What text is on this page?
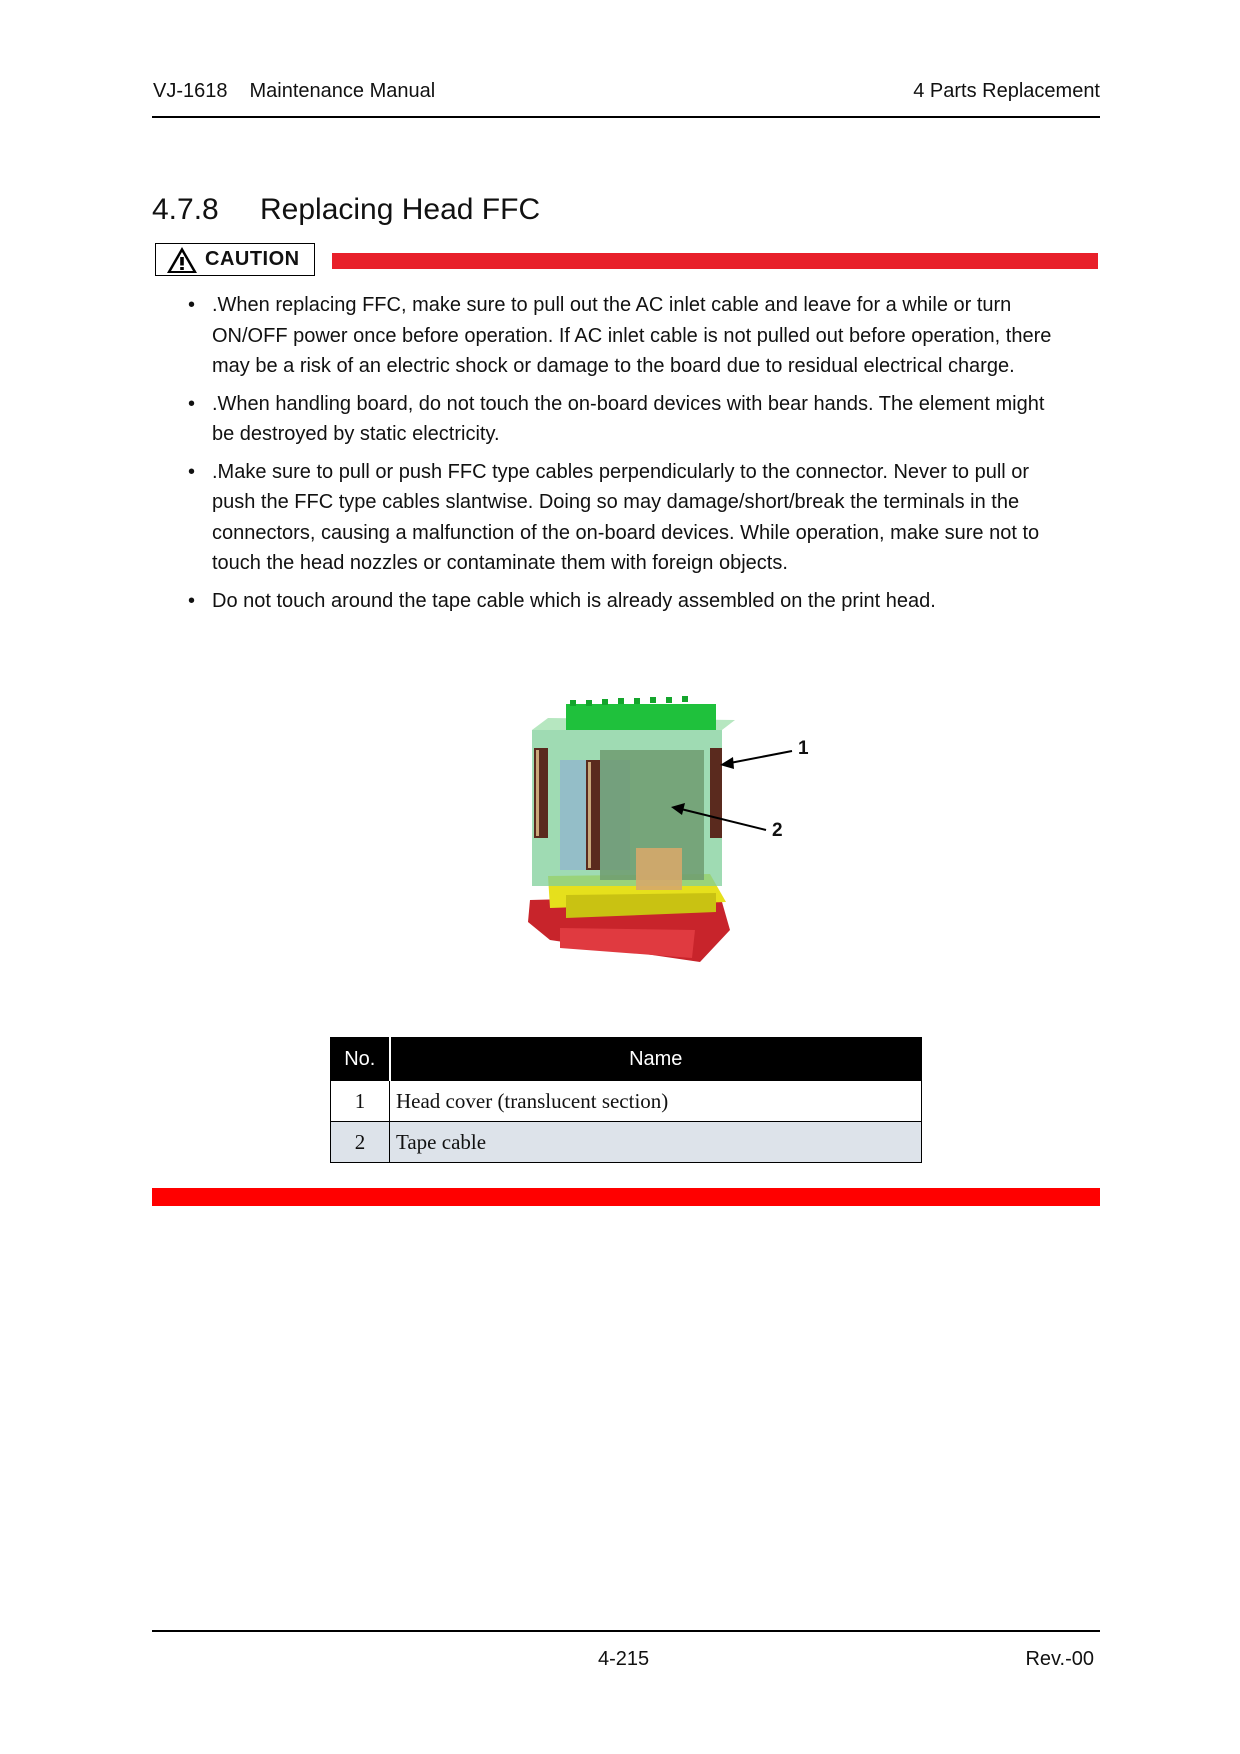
VJ-1618 Maintenance Manual	4 Parts Replacement
4.7.8 Replacing Head FFC
CAUTION
• .When replacing FFC, make sure to pull out the AC inlet cable and leave for a while or turn ON/OFF power once before operation. If AC inlet cable is not pulled out before operation, there may be a risk of an electric shock or damage to the board due to residual electrical charge.
• .When handling board, do not touch the on-board devices with bear hands. The element might be destroyed by static electricity.
• .Make sure to pull or push FFC type cables perpendicularly to the connector. Never to pull or push the FFC type cables slantwise. Doing so may damage/short/break the terminals in the connectors, causing a malfunction of the on-board devices. While operation, make sure not to touch the head nozzles or contaminate them with foreign objects.
• Do not touch around the tape cable which is already assembled on the print head.
1
2
No.	Name
1	Head cover (translucent section)
2	Tape cable
4-215	Rev.-00
